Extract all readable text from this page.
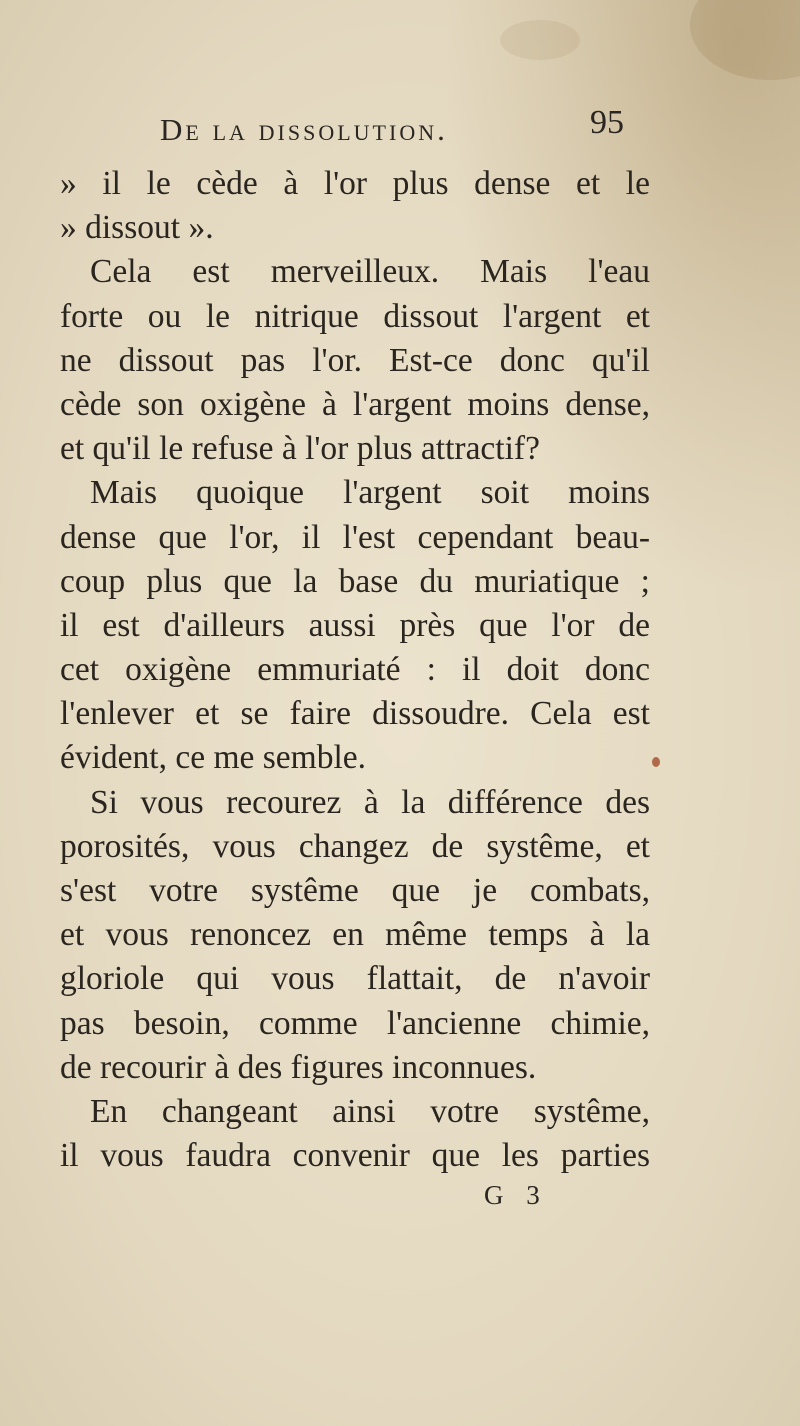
De la dissolution.	95
» il le cède à l'or plus dense et le
» dissout ».
Cela est merveilleux. Mais l'eau
forte ou le nitrique dissout l'argent et
ne dissout pas l'or. Est-ce donc qu'il
cède son oxigène à l'argent moins dense,
et qu'il le refuse à l'or plus attractif?
Mais quoique l'argent soit moins
dense que l'or, il l'est cependant beau-
coup plus que la base du muriatique ;
il est d'ailleurs aussi près que l'or de
cet oxigène emmuriaté : il doit donc
l'enlever et se faire dissoudre. Cela est
évident, ce me semble.
Si vous recourez à la différence des
porosités, vous changez de systême, et
s'est votre systême que je combats,
et vous renoncez en même temps à la
gloriole qui vous flattait, de n'avoir
pas besoin, comme l'ancienne chimie,
de recourir à des figures inconnues.
En changeant ainsi votre systême,
il vous faudra convenir que les parties
G 3
